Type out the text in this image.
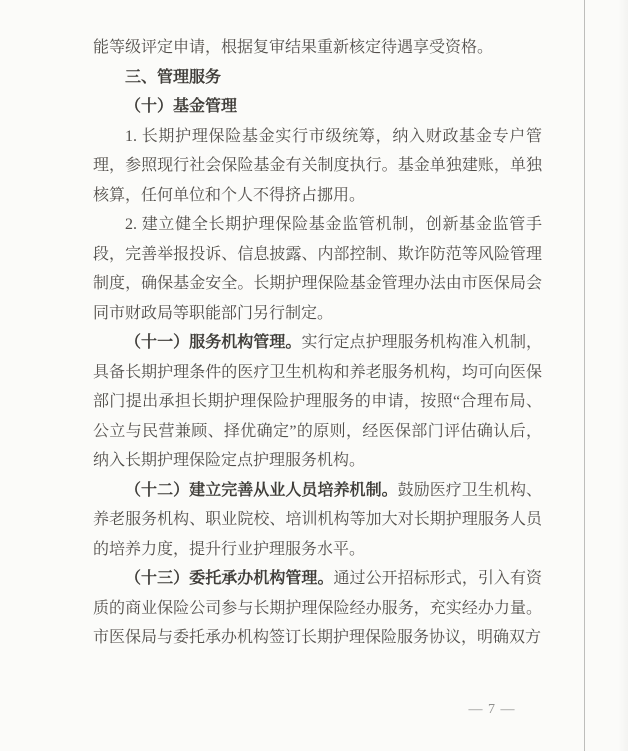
能等级评定申请，根据复审结果重新核定待遇享受资格。

三、管理服务

（十）基金管理

1. 长期护理保险基金实行市级统筹，纳入财政基金专户管理，参照现行社会保险基金有关制度执行。基金单独建账，单独核算，任何单位和个人不得挤占挪用。

2. 建立健全长期护理保险基金监管机制，创新基金监管手段，完善举报投诉、信息披露、内部控制、欺诈防范等风险管理制度，确保基金安全。长期护理保险基金管理办法由市医保局会同市财政局等职能部门另行制定。

（十一）服务机构管理。实行定点护理服务机构准入机制，具备长期护理条件的医疗卫生机构和养老服务机构，均可向医保部门提出承担长期护理保险护理服务的申请，按照“合理布局、公立与民营兼顾、择优确定”的原则，经医保部门评估确认后，纳入长期护理保险定点护理服务机构。

（十二）建立完善从业人员培养机制。鼓励医疗卫生机构、养老服务机构、职业院校、培训机构等加大对长期护理服务人员的培养力度，提升行业护理服务水平。

（十三）委托承办机构管理。通过公开招标形式，引入有资质的商业保险公司参与长期护理保险经办服务，充实经办力量。市医保局与委托承办机构签订长期护理保险服务协议，明确双方

— 7 —
